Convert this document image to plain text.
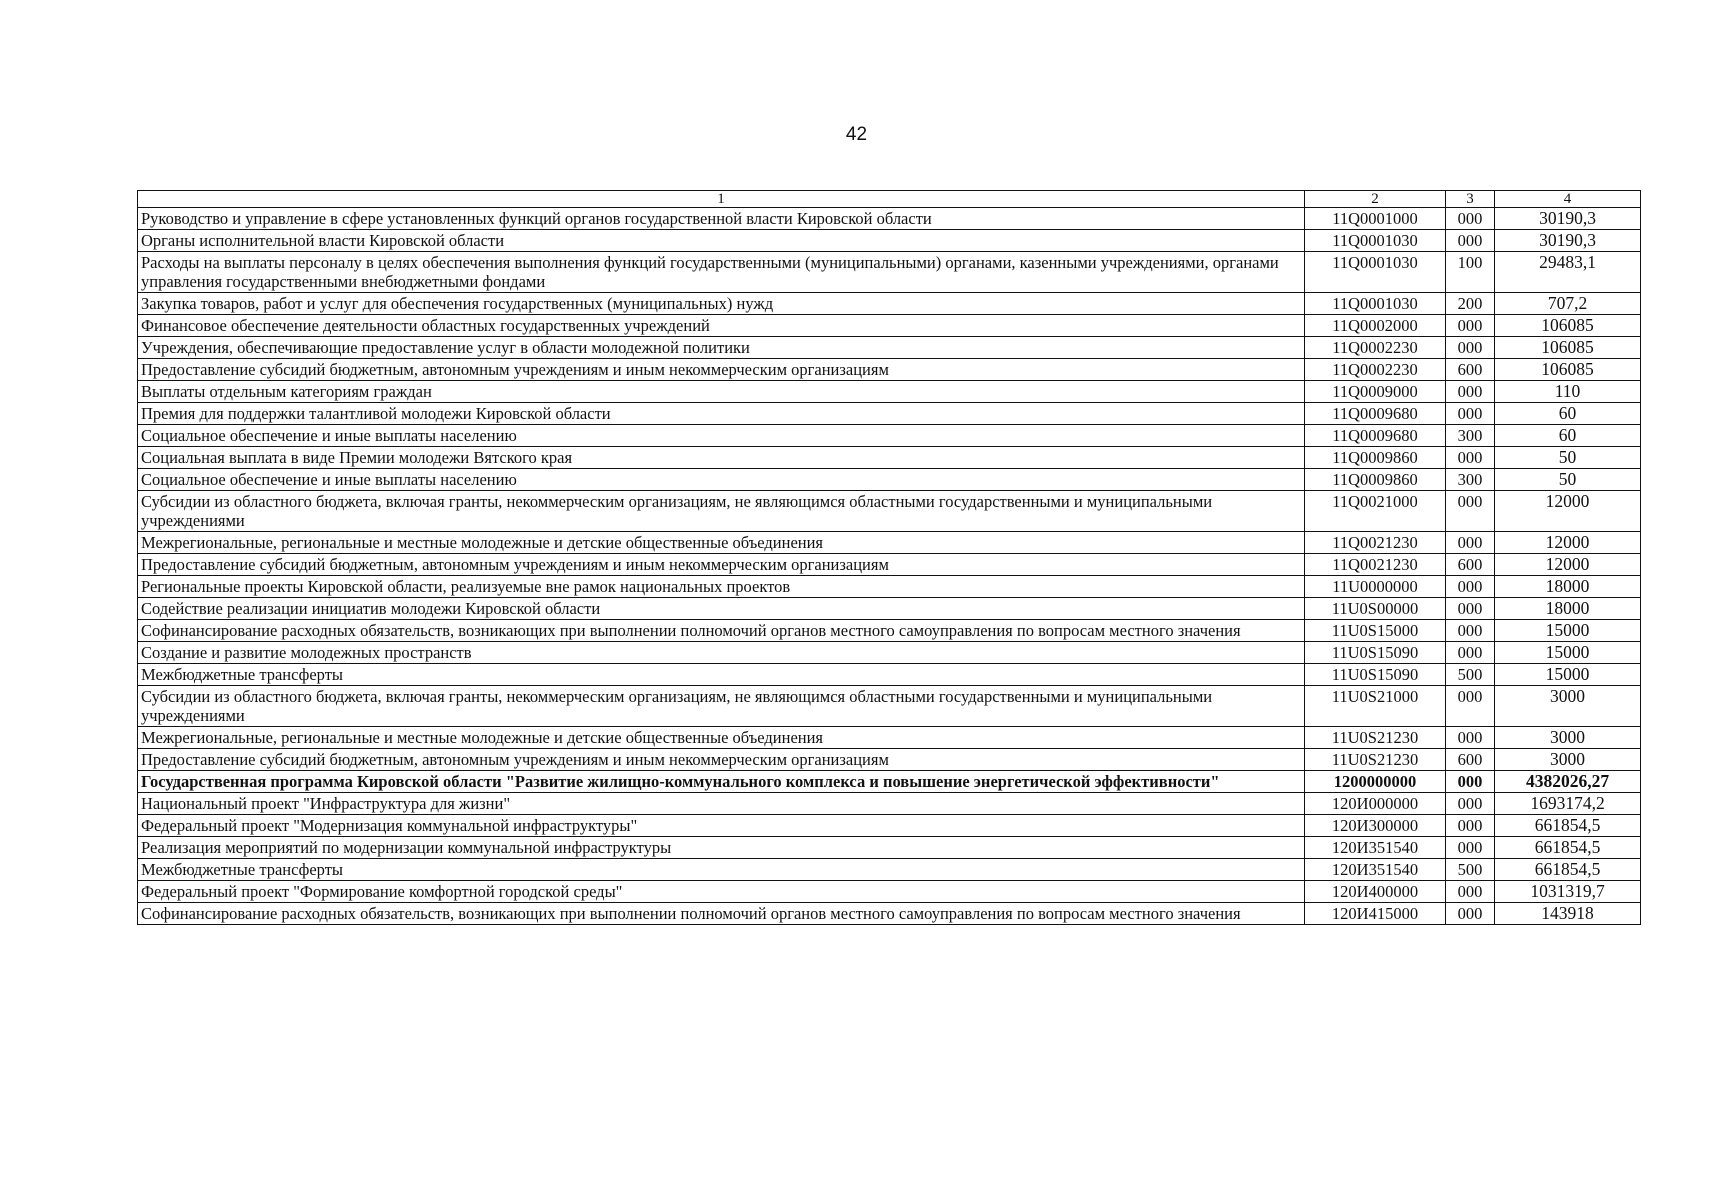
42
1	2	3	4
Руководство и управление в сфере установленных функций органов государственной власти Кировской области	11Q0001000	000	30190,3
Органы исполнительной власти Кировской области	11Q0001030	000	30190,3
Расходы на выплаты персоналу в целях обеспечения выполнения функций государственными (муниципальными) органами, казенными учреждениями, органами управления государственными внебюджетными фондами	11Q0001030	100	29483,1
Закупка товаров, работ и услуг для обеспечения государственных (муниципальных) нужд	11Q0001030	200	707,2
Финансовое обеспечение деятельности областных государственных учреждений	11Q0002000	000	106085
Учреждения, обеспечивающие предоставление услуг в области молодежной политики	11Q0002230	000	106085
Предоставление субсидий бюджетным, автономным учреждениям и иным некоммерческим организациям	11Q0002230	600	106085
Выплаты отдельным категориям граждан	11Q0009000	000	110
Премия для поддержки талантливой молодежи Кировской области	11Q0009680	000	60
Социальное обеспечение и иные выплаты населению	11Q0009680	300	60
Социальная выплата в виде Премии молодежи Вятского края	11Q0009860	000	50
Социальное обеспечение и иные выплаты населению	11Q0009860	300	50
Субсидии из областного бюджета, включая гранты, некоммерческим организациям, не являющимся областными государственными и муниципальными учреждениями	11Q0021000	000	12000
Межрегиональные, региональные и местные молодежные и детские общественные объединения	11Q0021230	000	12000
Предоставление субсидий бюджетным, автономным учреждениям и иным некоммерческим организациям	11Q0021230	600	12000
Региональные проекты Кировской области, реализуемые вне рамок национальных проектов	11U0000000	000	18000
Содействие реализации инициатив молодежи Кировской области	11U0S00000	000	18000
Софинансирование расходных обязательств, возникающих при выполнении полномочий органов местного самоуправления по вопросам местного значения	11U0S15000	000	15000
Создание и развитие молодежных пространств	11U0S15090	000	15000
Межбюджетные трансферты	11U0S15090	500	15000
Субсидии из областного бюджета, включая гранты, некоммерческим организациям, не являющимся областными государственными и муниципальными учреждениями	11U0S21000	000	3000
Межрегиональные, региональные и местные молодежные и детские общественные объединения	11U0S21230	000	3000
Предоставление субсидий бюджетным, автономным учреждениям и иным некоммерческим организациям	11U0S21230	600	3000
Государственная программа Кировской области "Развитие жилищно-коммунального комплекса и повышение энергетической эффективности"	1200000000	000	4382026,27
Национальный проект "Инфраструктура для жизни"	120И000000	000	1693174,2
Федеральный проект "Модернизация коммунальной инфраструктуры"	120И300000	000	661854,5
Реализация мероприятий по модернизации коммунальной инфраструктуры	120И351540	000	661854,5
Межбюджетные трансферты	120И351540	500	661854,5
Федеральный проект "Формирование комфортной городской среды"	120И400000	000	1031319,7
Софинансирование расходных обязательств, возникающих при выполнении полномочий органов местного самоуправления по вопросам местного значения	120И415000	000	143918
